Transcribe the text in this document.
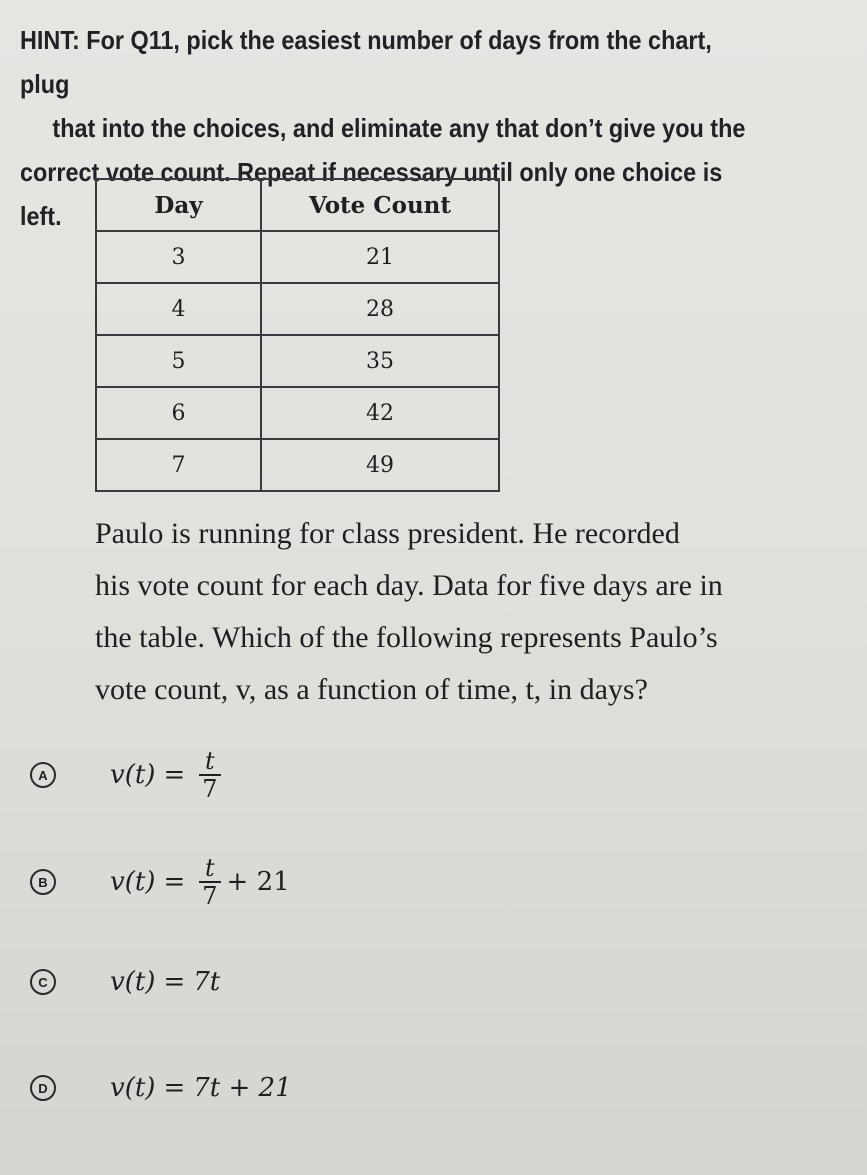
HINT: For Q11, pick the easiest number of days from the chart, plug
that into the choices, and eliminate any that don’t give you the
correct vote count. Repeat if necessary until only one choice is left.	Day	Vote Count
3	21
4	28
5	35
6	42
7	49

Paulo is running for class president. He recorded
his vote count for each day. Data for five days are in
the table. Which of the following represents Paulo’s
vote count, v, as a function of time, t, in days?

A	$v(t) = \frac{t}{7}$
B	$v(t) = \frac{t}{7} + 21$
C	v(t) = 7t
D	v(t) = 7t + 21
